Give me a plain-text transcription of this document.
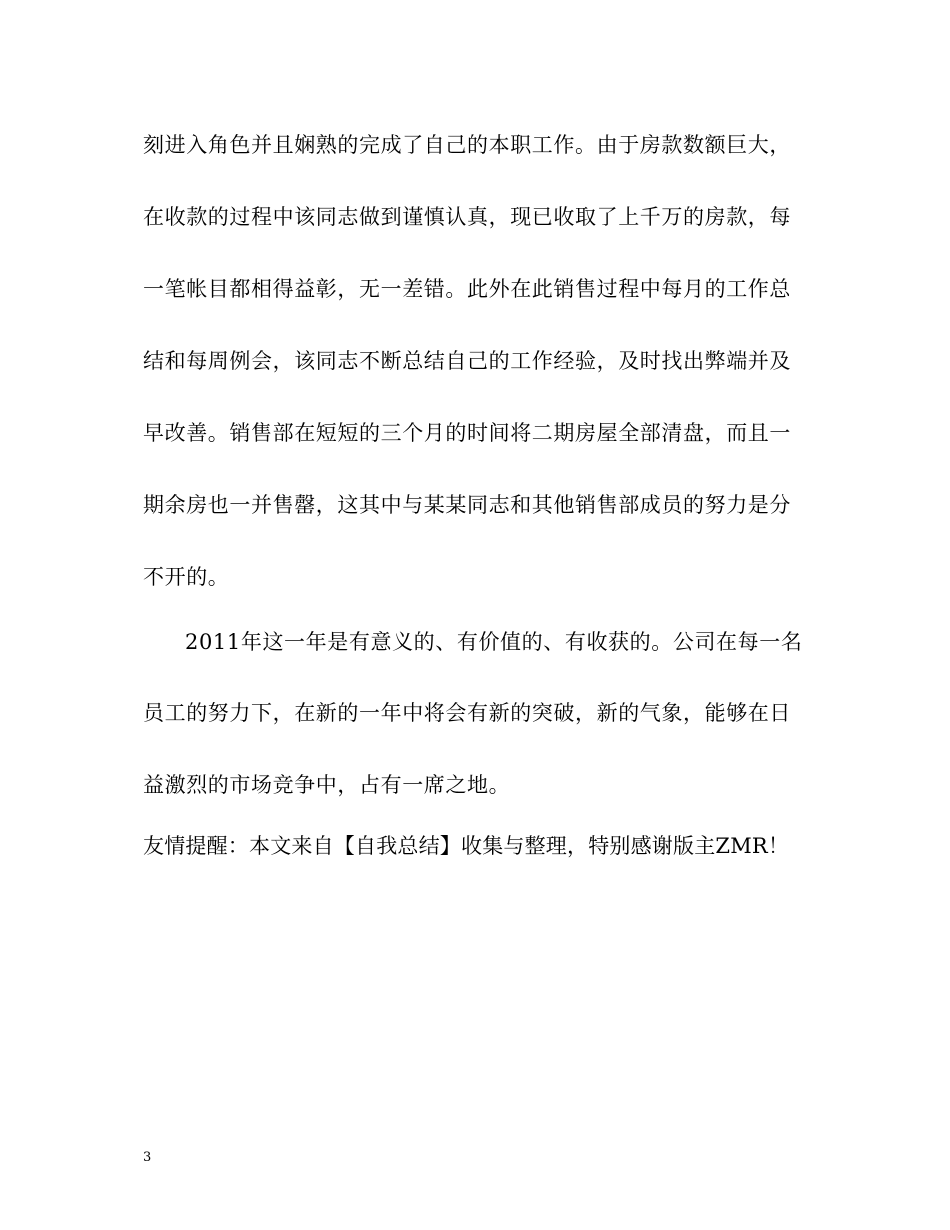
刻进入角色并且娴熟的完成了自己的本职工作。由于房款数额巨大，
在收款的过程中该同志做到谨慎认真，现已收取了上千万的房款，每
一笔帐目都相得益彰，无一差错。此外在此销售过程中每月的工作总
结和每周例会，该同志不断总结自己的工作经验，及时找出弊端并及
早改善。销售部在短短的三个月的时间将二期房屋全部清盘，而且一
期余房也一并售罄，这其中与某某同志和其他销售部成员的努力是分
不开的。
2011年这一年是有意义的、有价值的、有收获的。公司在每一名
员工的努力下，在新的一年中将会有新的突破，新的气象，能够在日
益激烈的市场竞争中，占有一席之地。
友情提醒：本文来自【自我总结】收集与整理，特别感谢版主ZMR！
3
